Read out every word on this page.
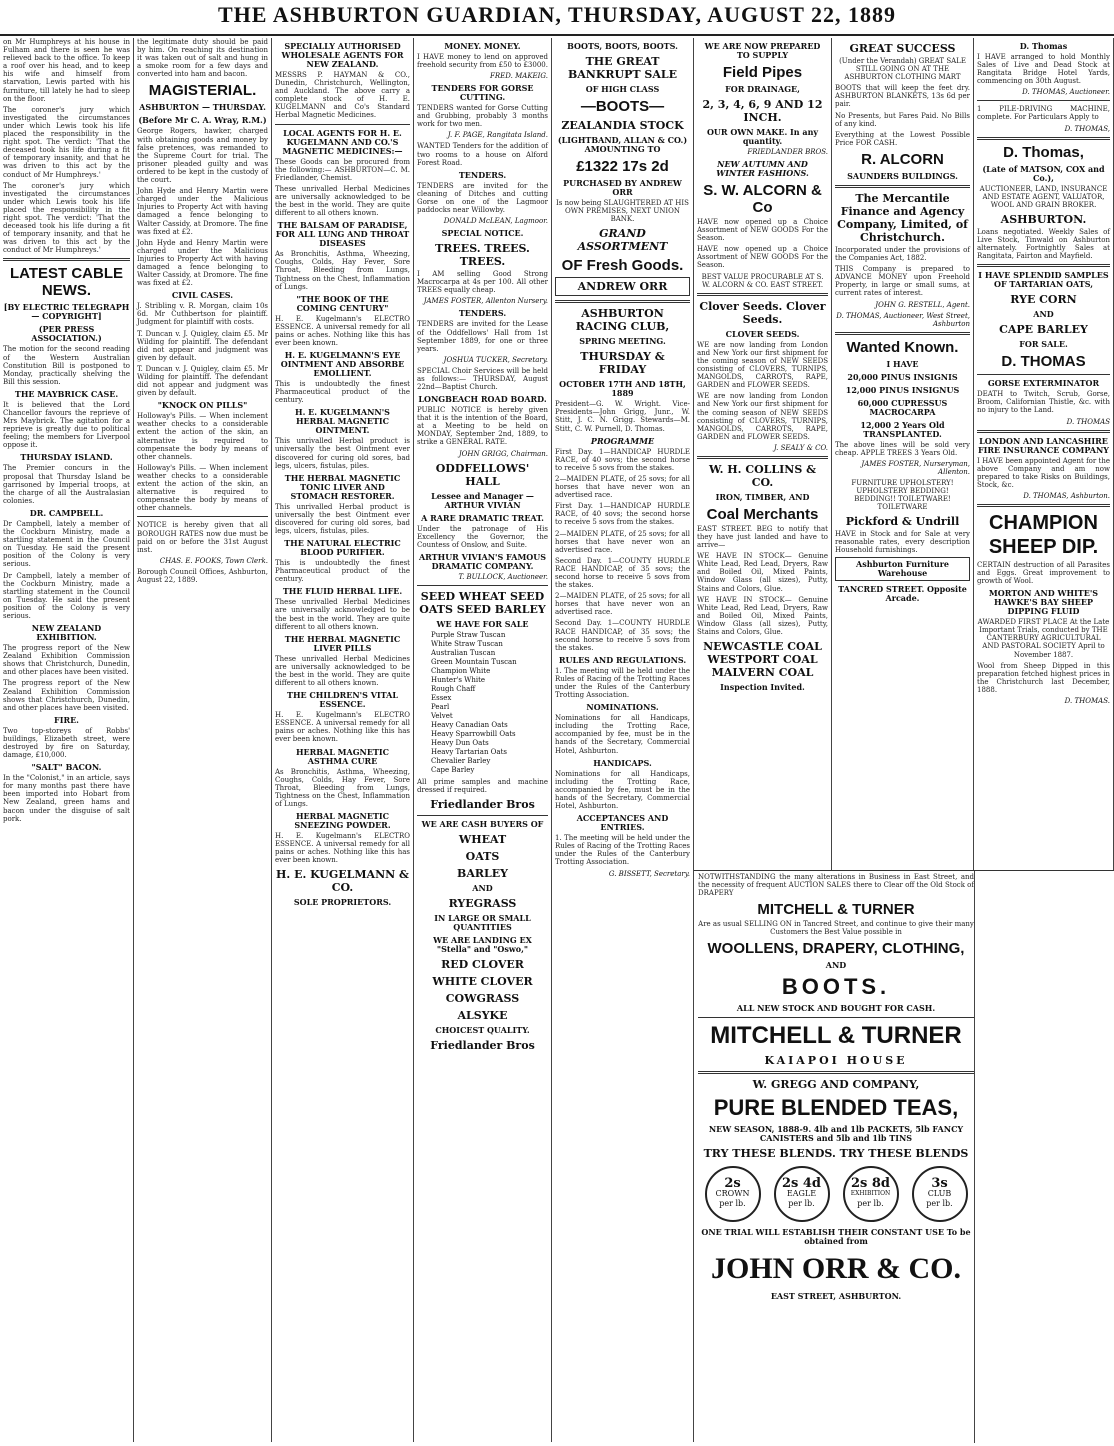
THE ASHBURTON GUARDIAN, THURSDAY, AUGUST 22, 1889

on Mr Humphreys at his house in Fulham and there is seen he was relieved back to the office. To keep a roof over his head, and to keep his wife and himself from starvation, Lewis parted with his furniture, till lately he had to sleep on the floor.

The coroner's jury which investigated the circumstances under which Lewis took his life placed the responsibility in the right spot. The verdict: 'That the deceased took his life during a fit of temporary insanity, and that he was driven to this act by the conduct of Mr Humphreys.'

The coroner's jury which investigated the circumstances under which Lewis took his life placed the responsibility in the right spot. The verdict: 'That the deceased took his life during a fit of temporary insanity, and that he was driven to this act by the conduct of Mr Humphreys.'

LATEST CABLE NEWS.
[BY ELECTRIC TELEGRAPH — COPYRIGHT]
(PER PRESS ASSOCIATION.)

The motion for the second reading of the Western Australian Constitution Bill is postponed to Monday, practically shelving the Bill this session.

THE MAYBRICK CASE.

It is believed that the Lord Chancellor favours the reprieve of Mrs Maybrick. The agitation for a reprieve is greatly due to political feeling; the members for Liverpool oppose it.

THURSDAY ISLAND.

The Premier concurs in the proposal that Thursday Island be garrisoned by Imperial troops, at the charge of all the Australasian colonies.

DR. CAMPBELL.

Dr Campbell, lately a member of the Cockburn Ministry, made a startling statement in the Council on Tuesday. He said the present position of the Colony is very serious.

Dr Campbell, lately a member of the Cockburn Ministry, made a startling statement in the Council on Tuesday. He said the present position of the Colony is very serious.

NEW ZEALAND EXHIBITION.

The progress report of the New Zealand Exhibition Commission shows that Christchurch, Dunedin, and other places have been visited.

The progress report of the New Zealand Exhibition Commission shows that Christchurch, Dunedin, and other places have been visited.

FIRE.

Two top-storeys of Robbs' buildings, Elizabeth street, were destroyed by fire on Saturday, damage, £10,000.

"SALT" BACON.

In the "Colonist," in an article, says for many months past there have been imported into Hobart from New Zealand, green hams and bacon under the disguise of salt pork.

the legitimate duty should be paid by him. On reaching its destination it was taken out of salt and hung in a smoke room for a few days and converted into ham and bacon.

MAGISTERIAL.
ASHBURTON — THURSDAY.
(Before Mr C. A. Wray, R.M.)

George Rogers, hawker, charged with obtaining goods and money by false pretences, was remanded to the Supreme Court for trial. The prisoner pleaded guilty and was ordered to be kept in the custody of the court.

John Hyde and Henry Martin were charged under the Malicious Injuries to Property Act with having damaged a fence belonging to Walter Cassidy, at Dromore. The fine was fixed at £2.

John Hyde and Henry Martin were charged under the Malicious Injuries to Property Act with having damaged a fence belonging to Walter Cassidy, at Dromore. The fine was fixed at £2.

CIVIL CASES.

J. Stribling v. R. Morgan, claim 10s 6d. Mr Cuthbertson for plaintiff. Judgment for plaintiff with costs.

T. Duncan v. J. Quigley, claim £5. Mr Wilding for plaintiff. The defendant did not appear and judgment was given by default.

T. Duncan v. J. Quigley, claim £5. Mr Wilding for plaintiff. The defendant did not appear and judgment was given by default.

"KNOCK ON PILLS"

Holloway's Pills. — When inclement weather checks to a considerable extent the action of the skin, an alternative is required to compensate the body by means of other channels.

Holloway's Pills. — When inclement weather checks to a considerable extent the action of the skin, an alternative is required to compensate the body by means of other channels.

NOTICE is hereby given that all BOROUGH RATES now due must be paid on or before the 31st August inst.

CHAS. E. FOOKS, Town Clerk.

Borough Council Offices, Ashburton, August 22, 1889.

SPECIALLY AUTHORISED WHOLESALE AGENTS FOR NEW ZEALAND.

MESSRS P. HAYMAN & CO., Dunedin, Christchurch, Wellington, and Auckland. The above carry a complete stock of H. E. KUGELMANN and Co's Standard Herbal Magnetic Medicines.

LOCAL AGENTS FOR H. E. KUGELMANN AND CO.'S MAGNETIC MEDICINES:—

These Goods can be procured from the following:— ASHBURTON—C. M. Friedlander, Chemist.

These unrivalled Herbal Medicines are universally acknowledged to be the best in the world. They are quite different to all others known.

THE BALSAM OF PARADISE, FOR ALL LUNG AND THROAT DISEASES

As Bronchitis, Asthma, Wheezing, Coughs, Colds, Hay Fever, Sore Throat, Bleeding from Lungs, Tightness on the Chest, Inflammation of Lungs.

"THE BOOK OF THE COMING CENTURY"

H. E. Kugelmann's ELECTRO ESSENCE. A universal remedy for all pains or aches. Nothing like this has ever been known.

H. E. KUGELMANN'S EYE OINTMENT AND ABSORBE EMOLLIENT.

This is undoubtedly the finest Pharmaceutical product of the century.

H. E. KUGELMANN'S HERBAL MAGNETIC OINTMENT.

This unrivalled Herbal product is universally the best Ointment ever discovered for curing old sores, bad legs, ulcers, fistulas, piles.

THE HERBAL MAGNETIC TONIC LIVER AND STOMACH RESTORER.

This unrivalled Herbal product is universally the best Ointment ever discovered for curing old sores, bad legs, ulcers, fistulas, piles.

THE NATURAL ELECTRIC BLOOD PURIFIER.

This is undoubtedly the finest Pharmaceutical product of the century.

THE FLUID HERBAL LIFE.

These unrivalled Herbal Medicines are universally acknowledged to be the best in the world. They are quite different to all others known.

THE HERBAL MAGNETIC LIVER PILLS

These unrivalled Herbal Medicines are universally acknowledged to be the best in the world. They are quite different to all others known.

THE CHILDREN'S VITAL ESSENCE.

H. E. Kugelmann's ELECTRO ESSENCE. A universal remedy for all pains or aches. Nothing like this has ever been known.

HERBAL MAGNETIC ASTHMA CURE

As Bronchitis, Asthma, Wheezing, Coughs, Colds, Hay Fever, Sore Throat, Bleeding from Lungs, Tightness on the Chest, Inflammation of Lungs.

HERBAL MAGNETIC SNEEZING POWDER.

H. E. Kugelmann's ELECTRO ESSENCE. A universal remedy for all pains or aches. Nothing like this has ever been known.

H. E. KUGELMANN & CO.
SOLE PROPRIETORS.
MONEY. MONEY.

I HAVE money to lend on approved freehold security from £50 to £3000.

FRED. MAKEIG.
TENDERS FOR GORSE CUTTING.

TENDERS wanted for Gorse Cutting and Grubbing, probably 3 months work for two men.

J. F. PAGE, Rangitata Island.

WANTED Tenders for the addition of two rooms to a house on Alford Forest Road.

TENDERS.

TENDERS are invited for the cleaning of Ditches and cutting Gorse on one of the Lagmoor paddocks near Willowby.

DONALD McLEAN, Lagmoor.
SPECIAL NOTICE.
TREES. TREES. TREES.

I AM selling Good Strong Macrocarpa at 4s per 100. All other TREES equally cheap.

JAMES FOSTER, Allenton Nursery.
TENDERS.

TENDERS are invited for the Lease of the Oddfellows' Hall from 1st September 1889, for one or three years.

JOSHUA TUCKER, Secretary.

SPECIAL Choir Services will be held as follows:— THURSDAY, August 22nd—Baptist Church.

LONGBEACH ROAD BOARD.

PUBLIC NOTICE is hereby given that it is the intention of the Board, at a Meeting to be held on MONDAY, September 2nd, 1889, to strike a GENERAL RATE.

JOHN GRIGG, Chairman.
ODDFELLOWS' HALL
Lessee and Manager — ARTHUR VIVIAN
A RARE DRAMATIC TREAT.

Under the patronage of His Excellency the Governor, the Countess of Onslow, and Suite.

ARTHUR VIVIAN'S FAMOUS DRAMATIC COMPANY.
T. BULLOCK, Auctioneer.
SEED WHEAT SEED OATS SEED BARLEY
WE HAVE FOR SALE
Purple Straw Tuscan
White Straw Tuscan
Australian Tuscan
Green Mountain Tuscan
Champion White
Hunter's White
Rough Chaff
Essex
Pearl
Velvet
Heavy Canadian Oats
Heavy Sparrowbill Oats
Heavy Dun Oats
Heavy Tartarian Oats
Chevalier Barley
Cape Barley

All prime samples and machine dressed if required.

Friedlander Bros
WE ARE CASH BUYERS OF
WHEAT
OATS
BARLEY
AND
RYEGRASS
IN LARGE OR SMALL QUANTITIES
WE ARE LANDING EX "Stella" and "Oswo,"
RED CLOVER
WHITE CLOVER
COWGRASS
ALSYKE
CHOICEST QUALITY.
Friedlander Bros
BOOTS, BOOTS, BOOTS.
THE GREAT BANKRUPT SALE
OF HIGH CLASS
—BOOTS—
ZEALANDIA STOCK
(LIGHTBAND, ALLAN & CO.) AMOUNTING TO
£1322 17s 2d
PURCHASED BY ANDREW ORR

Is now being SLAUGHTERED AT HIS OWN PREMISES, NEXT UNION BANK.

GRAND ASSORTMENT
OF Fresh Goods.
ANDREW ORR
ASHBURTON RACING CLUB,
SPRING MEETING.
THURSDAY & FRIDAY
OCTOBER 17TH AND 18TH, 1889

President—G. W. Wright. Vice-Presidents—John Grigg, Junr., W. Stitt, J. C. N. Grigg. Stewards—M. Stitt, C. W. Purnell, D. Thomas.

PROGRAMME

First Day. 1—HANDICAP HURDLE RACE, of 40 sovs; the second horse to receive 5 sovs from the stakes.

2—MAIDEN PLATE, of 25 sovs; for all horses that have never won an advertised race.

First Day. 1—HANDICAP HURDLE RACE, of 40 sovs; the second horse to receive 5 sovs from the stakes.

2—MAIDEN PLATE, of 25 sovs; for all horses that have never won an advertised race.

Second Day. 1—COUNTY HURDLE RACE HANDICAP, of 35 sovs; the second horse to receive 5 sovs from the stakes.

2—MAIDEN PLATE, of 25 sovs; for all horses that have never won an advertised race.

Second Day. 1—COUNTY HURDLE RACE HANDICAP, of 35 sovs; the second horse to receive 5 sovs from the stakes.

RULES AND REGULATIONS.

1. The meeting will be held under the Rules of Racing of the Trotting Races under the Rules of the Canterbury Trotting Association.

NOMINATIONS.

Nominations for all Handicaps, including the Trotting Race, accompanied by fee, must be in the hands of the Secretary, Commercial Hotel, Ashburton.

HANDICAPS.

Nominations for all Handicaps, including the Trotting Race, accompanied by fee, must be in the hands of the Secretary, Commercial Hotel, Ashburton.

ACCEPTANCES AND ENTRIES.

1. The meeting will be held under the Rules of Racing of the Trotting Races under the Rules of the Canterbury Trotting Association.

G. BISSETT, Secretary.
WE ARE NOW PREPARED TO SUPPLY
Field Pipes
FOR DRAINAGE,
2, 3, 4, 6, 9 AND 12 INCH.
OUR OWN MAKE. In any quantity.
FRIEDLANDER BROS.
NEW AUTUMN AND WINTER FASHIONS.
S. W. ALCORN & Co

HAVE now opened up a Choice Assortment of NEW GOODS For the Season.

HAVE now opened up a Choice Assortment of NEW GOODS For the Season.

BEST VALUE PROCURABLE AT S. W. ALCORN & CO. EAST STREET.

Clover Seeds. Clover Seeds.
CLOVER SEEDS.

WE are now landing from London and New York our first shipment for the coming season of NEW SEEDS consisting of CLOVERS, TURNIPS, MANGOLDS, CARROTS, RAPE, GARDEN and FLOWER SEEDS.

WE are now landing from London and New York our first shipment for the coming season of NEW SEEDS consisting of CLOVERS, TURNIPS, MANGOLDS, CARROTS, RAPE, GARDEN and FLOWER SEEDS.

J. SEALY & CO.
W. H. COLLINS & CO.
IRON, TIMBER, AND
Coal Merchants

EAST STREET. BEG to notify that they have just landed and have to arrive—

WE HAVE IN STOCK— Genuine White Lead, Red Lead, Dryers, Raw and Boiled Oil, Mixed Paints, Window Glass (all sizes), Putty, Stains and Colors, Glue.

WE HAVE IN STOCK— Genuine White Lead, Red Lead, Dryers, Raw and Boiled Oil, Mixed Paints, Window Glass (all sizes), Putty, Stains and Colors, Glue.

NEWCASTLE COAL WESTPORT COAL MALVERN COAL
Inspection Invited.
GREAT SUCCESS

(Under the Verandah) GREAT SALE STILL GOING ON AT THE ASHBURTON CLOTHING MART

BOOTS that will keep the feet dry. ASHBURTON BLANKETS, 13s 6d per pair.

No Presents, but Fares Paid. No Bills of any kind.

Everything at the Lowest Possible Price FOR CASH.

R. ALCORN
SAUNDERS BUILDINGS.
The Mercantile Finance and Agency Company, Limited, of Christchurch.

Incorporated under the provisions of the Companies Act, 1882.

THIS Company is prepared to ADVANCE MONEY upon Freehold Property, in large or small sums, at current rates of interest.

JOHN G. RESTELL, Agent.
D. THOMAS, Auctioneer, West Street, Ashburton
Wanted Known.
I HAVE
20,000 PINUS INSIGNIS
12,000 PINUS INSIGNUS
60,000 CUPRESSUS MACROCARPA
12,000 2 Years Old TRANSPLANTED.

The above lines will be sold very cheap. APPLE TREES 3 Years Old.

JAMES FOSTER, Nurseryman, Allenton.

FURNITURE UPHOLSTERY! UPHOLSTERY BEDDING! BEDDING!! TOILETWARE! TOILETWARE

Pickford & Undrill

HAVE in Stock and for Sale at very reasonable rates, every description Household furnishings.

Ashburton Furniture Warehouse
TANCRED STREET. Opposite Arcade.
D. Thomas

I HAVE arranged to hold Monthly Sales of Live and Dead Stock at Rangitata Bridge Hotel Yards, commencing on 30th August.

D. THOMAS, Auctioneer.

1 PILE-DRIVING MACHINE, complete. For Particulars Apply to

D. THOMAS,
D. Thomas,
(Late of MATSON, COX and Co.),

AUCTIONEER, LAND, INSURANCE AND ESTATE AGENT, VALUATOR, WOOL AND GRAIN BROKER.

ASHBURTON.

Loans negotiated. Weekly Sales of Live Stock, Tinwald on Ashburton alternately. Fortnightly Sales at Rangitata, Fairton and Mayfield.

I HAVE SPLENDID SAMPLES OF TARTARIAN OATS,
RYE CORN
AND
CAPE BARLEY
FOR SALE.
D. THOMAS
GORSE EXTERMINATOR

DEATH to Twitch, Scrub, Gorse, Broom, Californian Thistle, &c. with no injury to the Land.

D. THOMAS
LONDON AND LANCASHIRE FIRE INSURANCE COMPANY

I HAVE been appointed Agent for the above Company and am now prepared to take Risks on Buildings, Stock, &c.

D. THOMAS, Ashburton.
CHAMPION SHEEP DIP.

CERTAIN destruction of all Parasites and Eggs. Great improvement to growth of Wool.

MORTON AND WHITE'S HAWKE'S BAY SHEEP DIPPING FLUID

AWARDED FIRST PLACE At the Late Important Trials, conducted by THE CANTERBURY AGRICULTURAL AND PASTORAL SOCIETY April to November 1887.

Wool from Sheep Dipped in this preparation fetched highest prices in the Christchurch last December, 1888.

D. THOMAS.

NOTWITHSTANDING the many alterations in Business in East Street, and the necessity of frequent AUCTION SALES there to Clear off the Old Stock of DRAPERY

MITCHELL & TURNER

Are as usual SELLING ON in Tancred Street, and continue to give their many Customers the Best Value possible in

WOOLLENS, DRAPERY, CLOTHING,
AND
BOOTS.
ALL NEW STOCK AND BOUGHT FOR CASH.
MITCHELL & TURNER
KAIAPOI HOUSE
W. GREGG AND COMPANY,
PURE BLENDED TEAS,
NEW SEASON, 1888-9. 4lb and 1lb PACKETS, 5lb FANCY CANISTERS and 5lb and 1lb TINS
TRY THESE BLENDS. TRY THESE BLENDS
2s
CROWN
per lb.
2s 4d
EAGLE
per lb.
2s 8d
EXHIBITION
per lb.
3s
CLUB
per lb.
ONE TRIAL WILL ESTABLISH THEIR CONSTANT USE To be obtained from
JOHN ORR & CO.
EAST STREET, ASHBURTON.
